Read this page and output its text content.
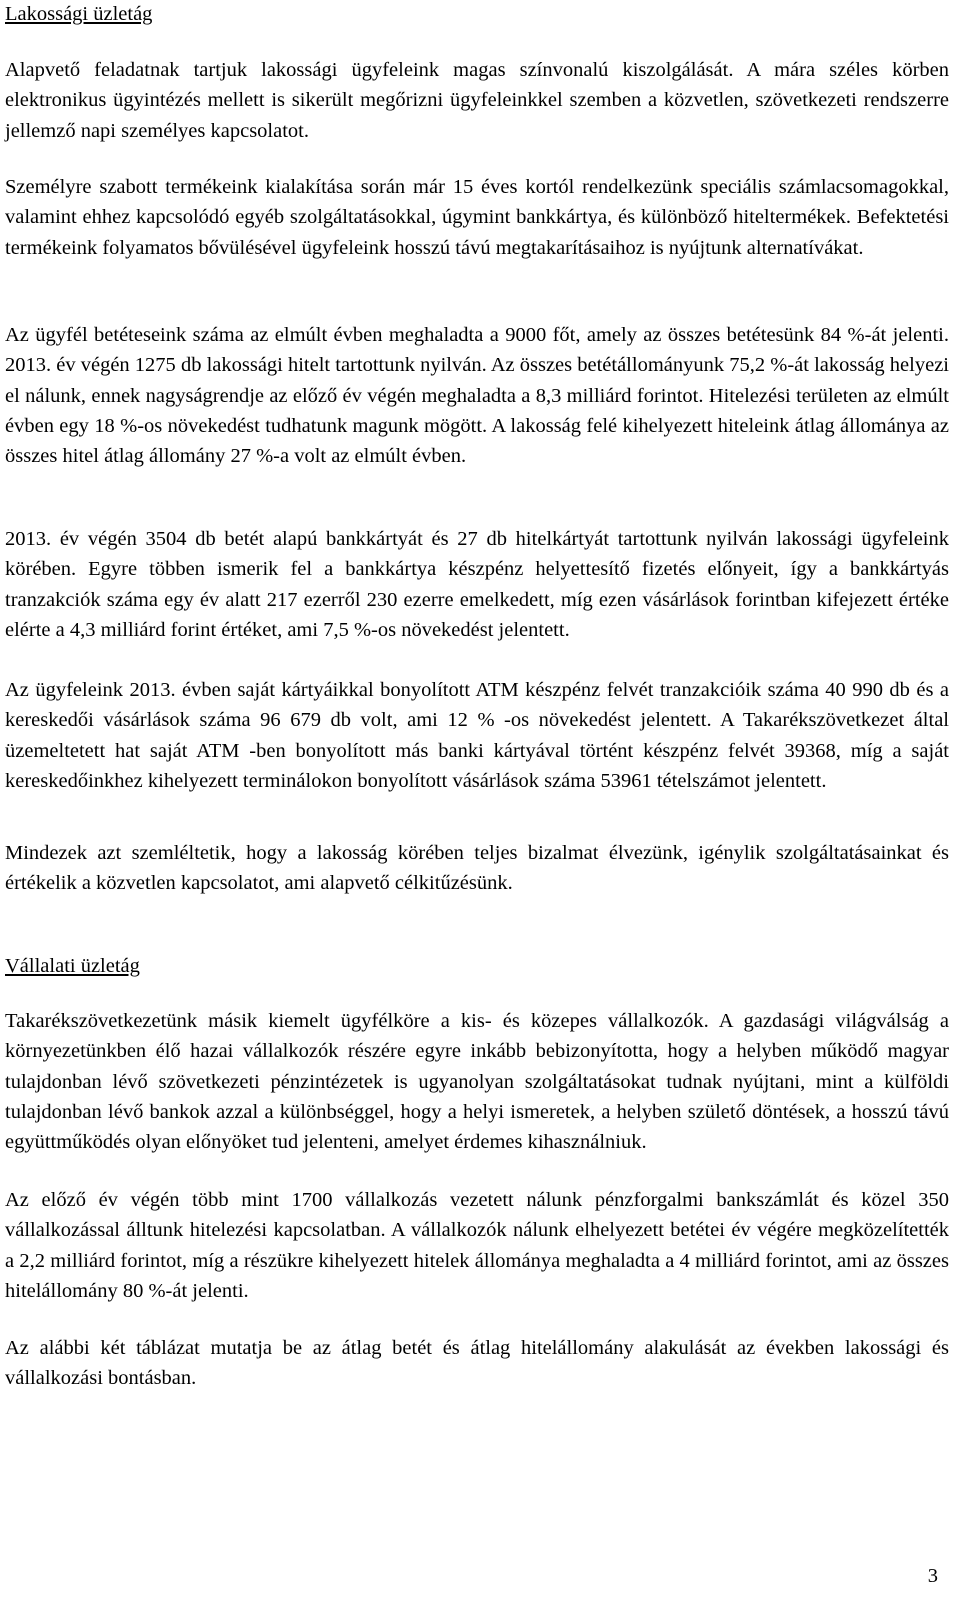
Lakossági üzletág

Alapvető feladatnak tartjuk lakossági ügyfeleink magas színvonalú kiszolgálását. A mára széles körben elektronikus ügyintézés mellett is sikerült megőrizni ügyfeleinkkel szemben a közvetlen, szövetkezeti rendszerre jellemző napi személyes kapcsolatot.

Személyre szabott termékeink kialakítása során már 15 éves kortól rendelkezünk speciális számlacsomagokkal, valamint ehhez kapcsolódó egyéb szolgáltatásokkal, úgymint bankkártya, és különböző hiteltermékek. Befektetési termékeink folyamatos bővülésével ügyfeleink hosszú távú megtakarításaihoz is nyújtunk alternatívákat.

Az ügyfél betéteseink száma az elmúlt évben meghaladta a 9000 főt, amely az összes betétesünk 84 %-át jelenti. 2013. év végén 1275 db lakossági hitelt tartottunk nyilván. Az összes betétállományunk 75,2 %-át lakosság helyezi el nálunk, ennek nagyságrendje az előző év végén meghaladta a 8,3 milliárd forintot. Hitelezési területen az elmúlt évben egy 18 %-os növekedést tudhatunk magunk mögött. A lakosság felé kihelyezett hiteleink átlag állománya az összes hitel átlag állomány 27 %-a volt az elmúlt évben.

2013. év végén 3504 db betét alapú bankkártyát és 27 db hitelkártyát tartottunk nyilván lakossági ügyfeleink körében. Egyre többen ismerik fel a bankkártya készpénz helyettesítő fizetés előnyeit, így a bankkártyás tranzakciók száma egy év alatt 217 ezerről 230 ezerre emelkedett, míg ezen vásárlások forintban kifejezett értéke elérte a 4,3 milliárd forint értéket, ami 7,5 %-os növekedést jelentett.

Az ügyfeleink 2013. évben saját kártyáikkal bonyolított ATM készpénz felvét tranzakcióik száma 40 990 db és a kereskedői vásárlások száma 96 679 db volt, ami 12 % -os növekedést jelentett. A Takarékszövetkezet által üzemeltetett hat saját ATM -ben bonyolított más banki kártyával történt készpénz felvét 39368, míg a saját kereskedőinkhez kihelyezett terminálokon bonyolított vásárlások száma 53961 tételszámot jelentett.

Mindezek azt szemléltetik, hogy a lakosság körében teljes bizalmat élvezünk, igénylik szolgáltatásainkat és értékelik a közvetlen kapcsolatot, ami alapvető célkitűzésünk.

Vállalati üzletág

Takarékszövetkezetünk másik kiemelt ügyfélköre a kis- és közepes vállalkozók. A gazdasági világválság a környezetünkben élő hazai vállalkozók részére egyre inkább bebizonyította, hogy a helyben működő magyar tulajdonban lévő szövetkezeti pénzintézetek is ugyanolyan szolgáltatásokat tudnak nyújtani, mint a külföldi tulajdonban lévő bankok azzal a különbséggel, hogy a helyi ismeretek, a helyben születő döntések, a hosszú távú együttműködés olyan előnyöket tud jelenteni, amelyet érdemes kihasználniuk.

Az előző év végén több mint 1700 vállalkozás vezetett nálunk pénzforgalmi bankszámlát és közel 350 vállalkozással álltunk hitelezési kapcsolatban. A vállalkozók nálunk elhelyezett betétei év végére megközelítették a 2,2 milliárd forintot, míg a részükre kihelyezett hitelek állománya meghaladta a 4 milliárd forintot, ami az összes hitelállomány 80 %-át jelenti.

Az alábbi két táblázat mutatja be az átlag betét és átlag hitelállomány alakulását az években lakossági és vállalkozási bontásban.

3
